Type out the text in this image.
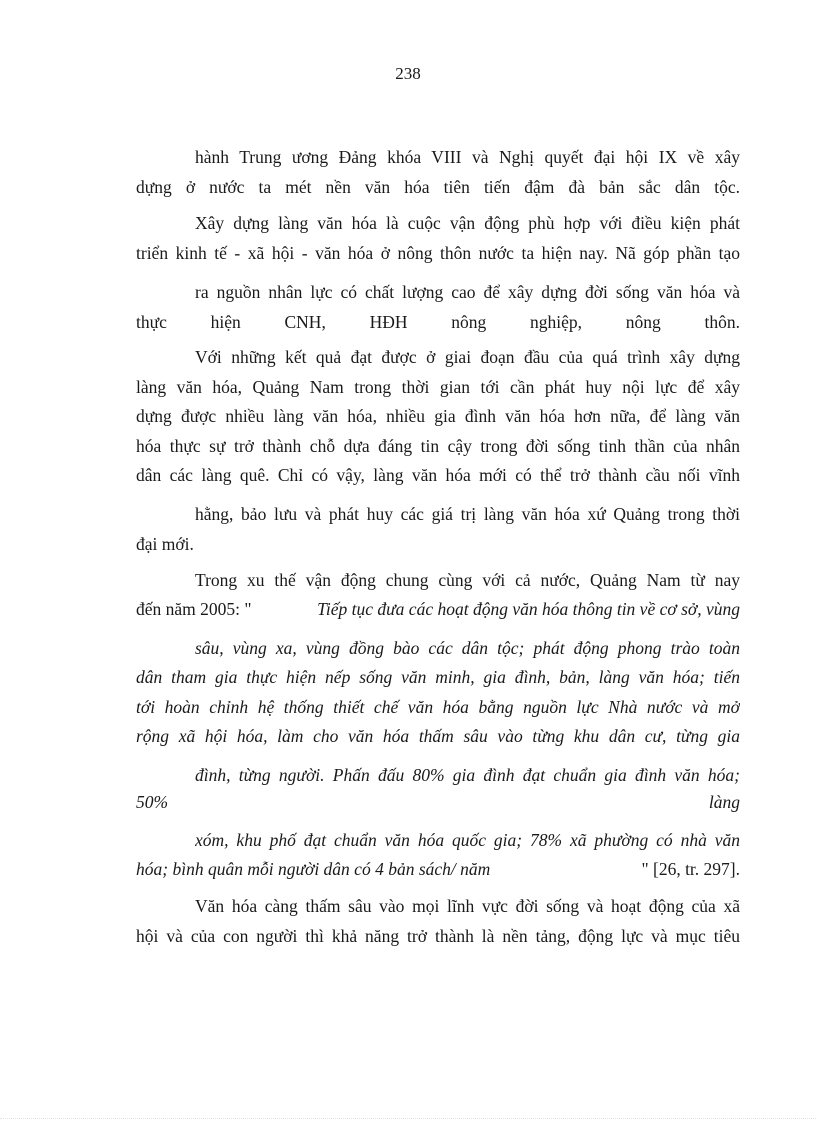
238
hành Trung ương Đảng khóa VIII và Nghị quyết đại hội IX về xây
dựng ở nước ta mét nền văn hóa tiên tiến đậm đà bản sắc dân tộc.
Xây dựng làng văn hóa là cuộc vận động phù hợp với điều kiện phát
triển kinh tế - xã hội - văn hóa ở nông thôn nước ta hiện nay. Nã góp phần tạo
ra nguồn nhân lực có chất lượng cao để xây dựng đời sống văn hóa và
thực hiện CNH, HĐH nông nghiệp, nông thôn.
Với những kết quả đạt được ở giai đoạn đầu của quá trình xây dựng
làng văn hóa, Quảng Nam trong thời gian tới cần phát huy nội lực để xây
dựng được nhiều làng văn hóa, nhiều gia đình văn hóa hơn nữa, để làng văn
hóa thực sự trở thành chỗ dựa đáng tin cậy trong đời sống tinh thần của nhân
dân các làng quê. Chỉ có vậy, làng văn hóa mới có thể trở thành cầu nối vĩnh
hằng, bảo lưu và phát huy các giá trị làng văn hóa xứ Quảng trong thời
đại mới.
Trong xu thế vận động chung cùng với cả nước, Quảng Nam từ nay
đến năm 2005: "	Tiếp tục đưa các hoạt động văn hóa thông tin về cơ sở, vùng
sâu, vùng xa, vùng đồng bào các dân tộc; phát động phong trào toàn
dân tham gia thực hiện nếp sống văn minh, gia đình, bản, làng văn hóa; tiến
tới hoàn chỉnh hệ thống thiết chế văn hóa bằng nguồn lực Nhà nước và mở
rộng xã hội hóa, làm cho văn hóa thấm sâu vào từng khu dân cư, từng gia
đình, từng người. Phấn đấu 80% gia đình đạt chuẩn gia đình văn hóa;
50%	làng
xóm, khu phố đạt chuẩn văn hóa quốc gia; 78% xã phường có nhà văn
hóa; bình quân mỗi người dân có 4 bản sách/ năm	" [26, tr. 297].
Văn hóa càng thấm sâu vào mọi lĩnh vực đời sống và hoạt động của xã
hội và của con người thì khả năng trở thành là nền tảng, động lực và mục tiêu
